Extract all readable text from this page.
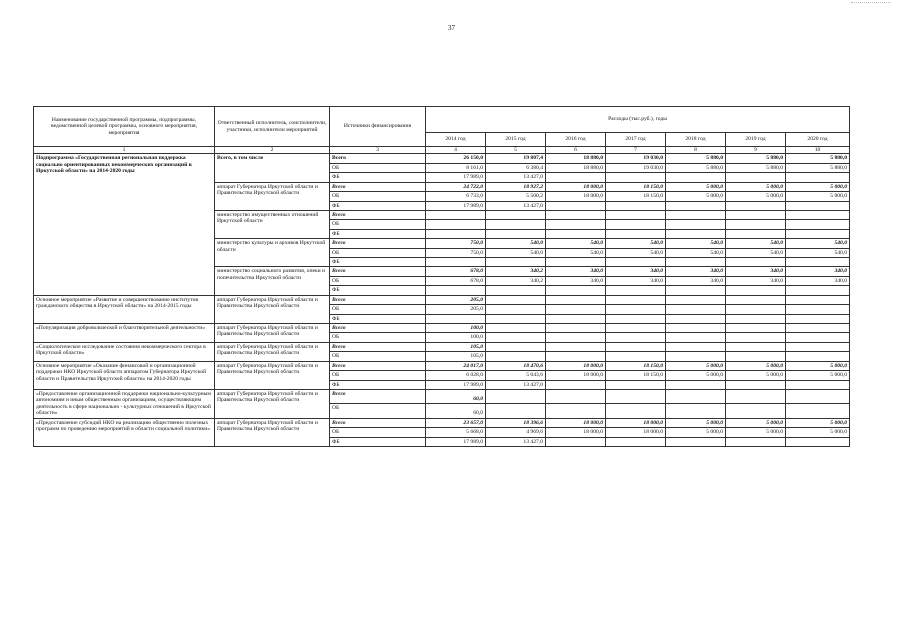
37
Наименование государственной программы, подпрограммы, ведомственной целевой программы, основного мероприятия, мероприятия	Ответственный исполнитель, соисполнители, участники, исполнители мероприятий	Источники финансирования	Расходы (тыс.руб.), годы						
			2014 год	2015 год	2016 год	2017 год	2018 год	2019 год	2020 год
1	2	3	4	5	6	7	8	9	10
Подпрограмма «Государственная региональная поддержка социально ориентированных некоммерческих организаций в Иркутской области» на 2014-2020 годы	Всего, в том числе	Всего	26 150,0	19 807,4	18 880,0	19 030,0	5 880,0	5 880,0	5 880,0
		ОБ	8 161,0	6 380,4	18 880,0	19 030,0	5 880,0	5 880,0	5 880,0
		ФБ	17 989,0	13 427,0					
	аппарат Губернатора Иркутской области и Правительства Иркутской области	Всего	24 722,0	18 927,2	18 000,0	18 150,0	5 000,0	5 000,0	5 000,0
		ОБ	6 733,0	5 500,2	18 000,0	18 150,0	5 000,0	5 000,0	5 000,0
		ФБ	17 989,0	13 427,0					
	министерство имущественных отношений Иркутской области	Всего							
		ОБ							
		ФБ							
	министерство культуры и архивов Иркутской области	Всего	750,0	540,0	540,0	540,0	540,0	540,0	540,0
		ОБ	750,0	540,0	540,0	540,0	540,0	540,0	540,0
		ФБ							
	министерство социального развития, опеки и попечительства Иркутской области	Всего	678,0	340,2	340,0	340,0	340,0	340,0	340,0
		ОБ	678,0	340,2	340,0	340,0	340,0	340,0	340,0
		ФБ							
Основное мероприятие «Развитие и совершенствование институтов гражданского общества в Иркутской области» на 2014-2015 годы	аппарат Губернатора Иркутской области и Правительства Иркутской области	Всего	205,0						
		ОБ	205,0						
		ФБ							
«Популяризация добровольческой и благотворительной деятельности»	аппарат Губернатора Иркутской области и Правительства Иркутской области	Всего	100,0						
		ОБ	100,0						
«Социологическое исследование состояния некоммерческого сектора в Иркутской области»	аппарат Губернатора Иркутской области и Правительства Иркутской области	Всего	105,0						
		ОБ	105,0						
Основное мероприятие «Оказание финансовой и организационной поддержки НКО Иркутской области аппаратом Губернатора Иркутской области и Правительства Иркутской области» на 2014-2020 годы	аппарат Губернатора Иркутской области и Правительства Иркутской области	Всего	24 017,0	18 470,6	18 000,0	18 150,0	5 000,0	5 000,0	5 000,0
		ОБ	6 028,0	5 043,6	18 000,0	18 150,0	5 000,0	5 000,0	5 000,0
		ФБ	17 989,0	13 427,0					
«Предоставление организационной поддержки национально-культурным автономиям и иным общественным организациям, осуществляющим деятельность в сфере национально - культурных отношений в Иркутской области»	аппарат Губернатора Иркутской области и Правительства Иркутской области	Всего	60,0						
		ОБ	60,0						
«Предоставление субсидий НКО на реализацию общественно полезных программ по проведению мероприятий в области социальной политики»	аппарат Губернатора Иркутской области и Правительства Иркутской области	Всего	23 657,0	18 396,6	18 000,0	18 000,0	5 000,0	5 000,0	5 000,0
		ОБ	5 668,0	4 969,6	18 000,0	18 000,0	5 000,0	5 000,0	5 000,0
		ФБ	17 989,0	13 427,0					
